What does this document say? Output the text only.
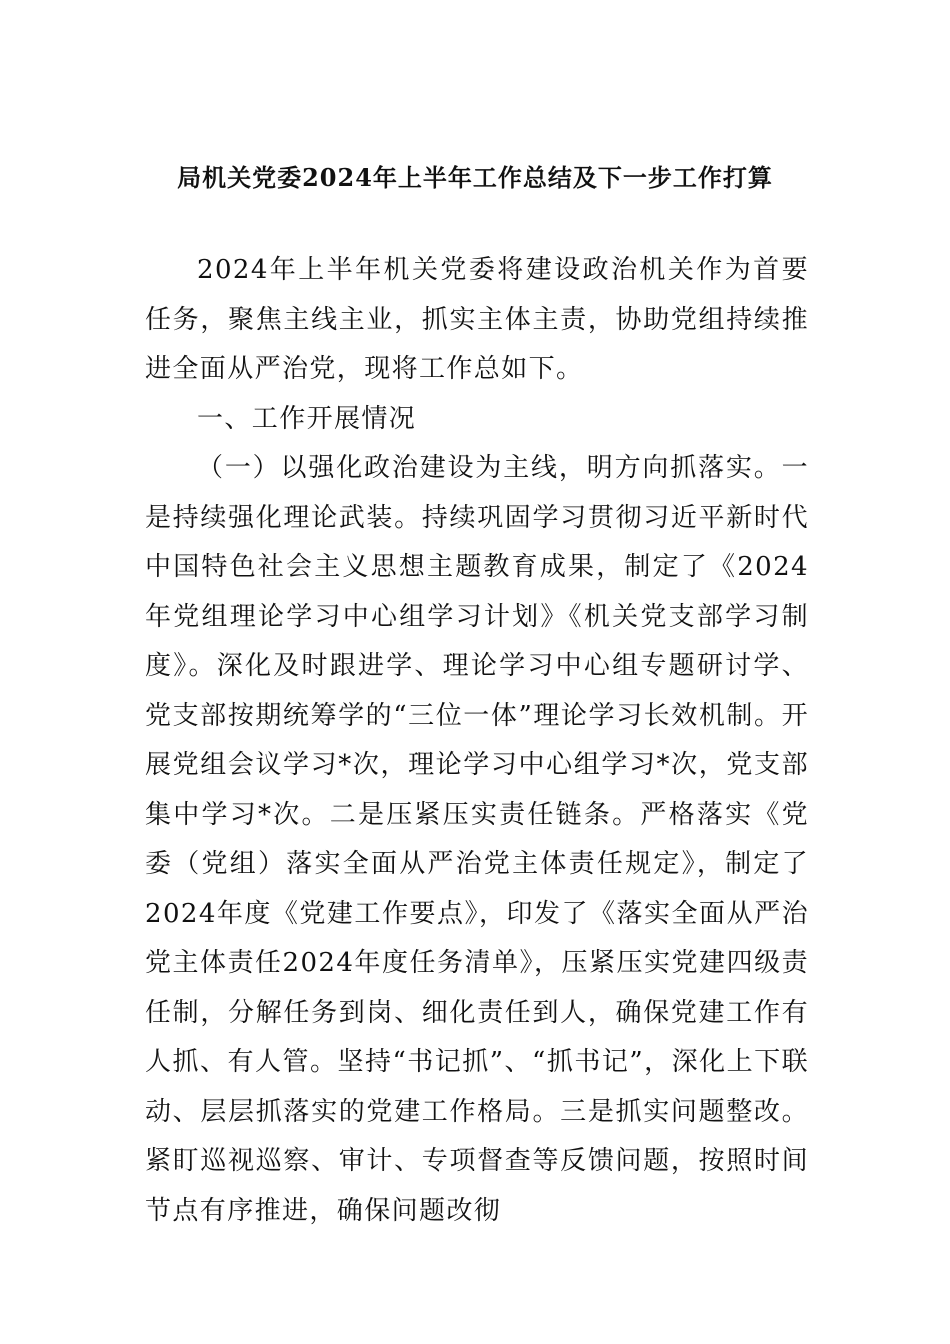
局机关党委2024年上半年工作总结及下一步工作打算

2024年上半年机关党委将建设政治机关作为首要任务，聚焦主线主业，抓实主体主责，协助党组持续推进全面从严治党，现将工作总如下。

一、工作开展情况

（一）以强化政治建设为主线，明方向抓落实。一是持续强化理论武装。持续巩固学习贯彻习近平新时代中国特色社会主义思想主题教育成果，制定了《2024年党组理论学习中心组学习计划》《机关党支部学习制度》。深化及时跟进学、理论学习中心组专题研讨学、党支部按期统筹学的“三位一体”理论学习长效机制。开展党组会议学习*次，理论学习中心组学习*次，党支部集中学习*次。二是压紧压实责任链条。严格落实《党委（党组）落实全面从严治党主体责任规定》，制定了2024年度《党建工作要点》，印发了《落实全面从严治党主体责任2024年度任务清单》，压紧压实党建四级责任制，分解任务到岗、细化责任到人，确保党建工作有人抓、有人管。坚持“书记抓”、“抓书记”，深化上下联动、层层抓落实的党建工作格局。三是抓实问题整改。紧盯巡视巡察、审计、专项督查等反馈问题，按照时间节点有序推进，确保问题改彻
